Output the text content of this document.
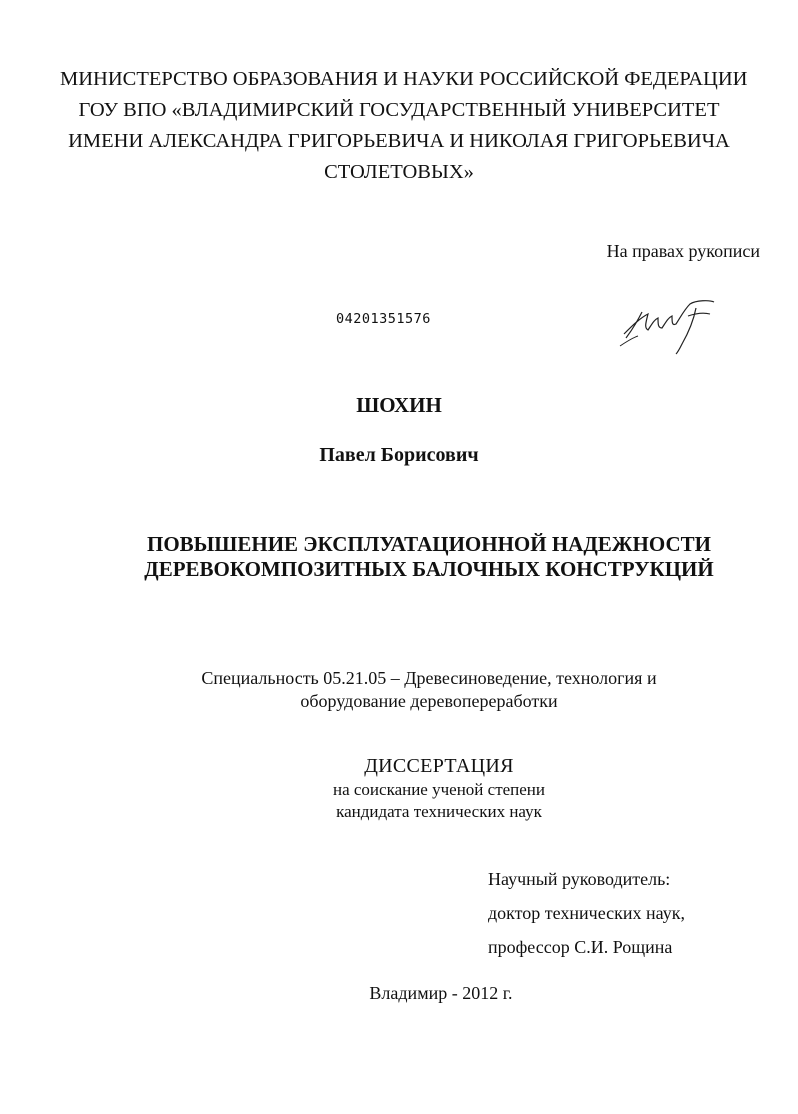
МИНИСТЕРСТВО ОБРАЗОВАНИЯ И НАУКИ РОССИЙСКОЙ ФЕДЕРАЦИИ
ГОУ ВПО «ВЛАДИМИРСКИЙ ГОСУДАРСТВЕННЫЙ УНИВЕРСИТЕТ
ИМЕНИ АЛЕКСАНДРА ГРИГОРЬЕВИЧА И НИКОЛАЯ ГРИГОРЬЕВИЧА
СТОЛЕТОВЫХ»
На правах рукописи
04201351576
ШОХИН
Павел Борисович
ПОВЫШЕНИЕ ЭКСПЛУАТАЦИОННОЙ НАДЕЖНОСТИ
ДЕРЕВОКОМПОЗИТНЫХ БАЛОЧНЫХ КОНСТРУКЦИЙ
Специальность 05.21.05 – Древесиноведение, технология и
оборудование деревопереработки
ДИССЕРТАЦИЯ
на соискание ученой степени
кандидата технических наук
Научный руководитель:
доктор технических наук,
профессор С.И. Рощина
Владимир - 2012 г.
